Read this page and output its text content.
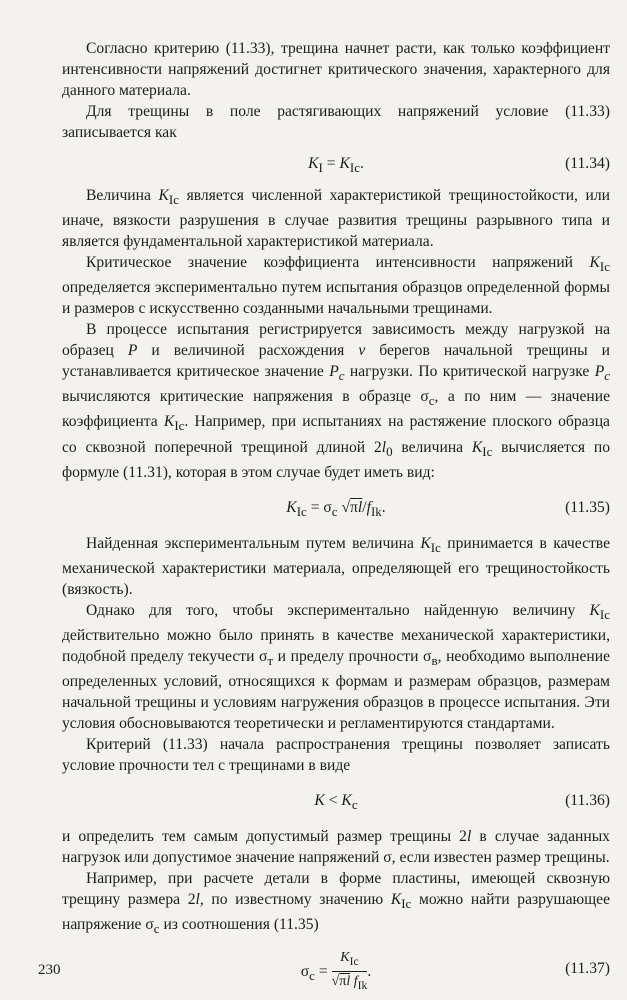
Согласно критерию (11.33), трещина начнет расти, как только коэффициент интенсивности напряжений достигнет критического значения, характерного для данного материала.

Для трещины в поле растягивающих напряжений условие (11.33) записывается как

$K_I = K_{Ic}$.	(11.34)

Величина $K_{Ic}$ является численной характеристикой трещиностойкости, или иначе, вязкости разрушения в случае развития трещины разрывного типа и является фундаментальной характеристикой материала.

Критическое значение коэффициента интенсивности напряжений $K_{Ic}$ определяется экспериментально путем испытания образцов определенной формы и размеров с искусственно созданными начальными трещинами.

В процессе испытания регистрируется зависимость между нагрузкой на образец P и величиной расхождения v берегов начальной трещины и устанавливается критическое значение $P_c$ нагрузки. По критической нагрузке $P_c$ вычисляются критические напряжения в образце $\sigma_c$, а по ним — значение коэффициента $K_{Ic}$. Например, при испытаниях на растяжение плоского образца со сквозной поперечной трещиной длиной $2l_0$ величина $K_{Ic}$ вычисляется по формуле (11.31), которая в этом случае будет иметь вид:

$K_{Ic} = \sigma_c$ $√\pi l/f_{Ik}$.	(11.35)

Найденная экспериментальным путем величина $K_{Ic}$ принимается в качестве механической характеристики материала, определяющей его трещиностойкость (вязкость).

Однако для того, чтобы экспериментально найденную величину $K_{Ic}$ действительно можно было принять в качестве механической характеристики, подобной пределу текучести $\sigma_т$ и пределу прочности $\sigma_в$, необходимо выполнение определенных условий, относящихся к формам и размерам образцов, размерам начальной трещины и условиям нагружения образцов в процессе испытания. Эти условия обосновываются теоретически и регламентируются стандартами.

Критерий (11.33) начала распространения трещины позволяет записать условие прочности тел с трещинами в виде

$K < K_c$	(11.36)

и определить тем самым допустимый размер трещины 2l в случае заданных нагрузок или допустимое значение напряжений σ, если известен размер трещины.

Например, при расчете детали в форме пластины, имеющей сквозную трещину размера 2l, по известному значению $K_{Ic}$ можно найти разрушающее напряжение $\sigma_c$ из соотношения (11.35)

$\sigma_c = \frac{K_{Ic}}{√\pi l f_{Ik}}$ .	(11.37)
230
